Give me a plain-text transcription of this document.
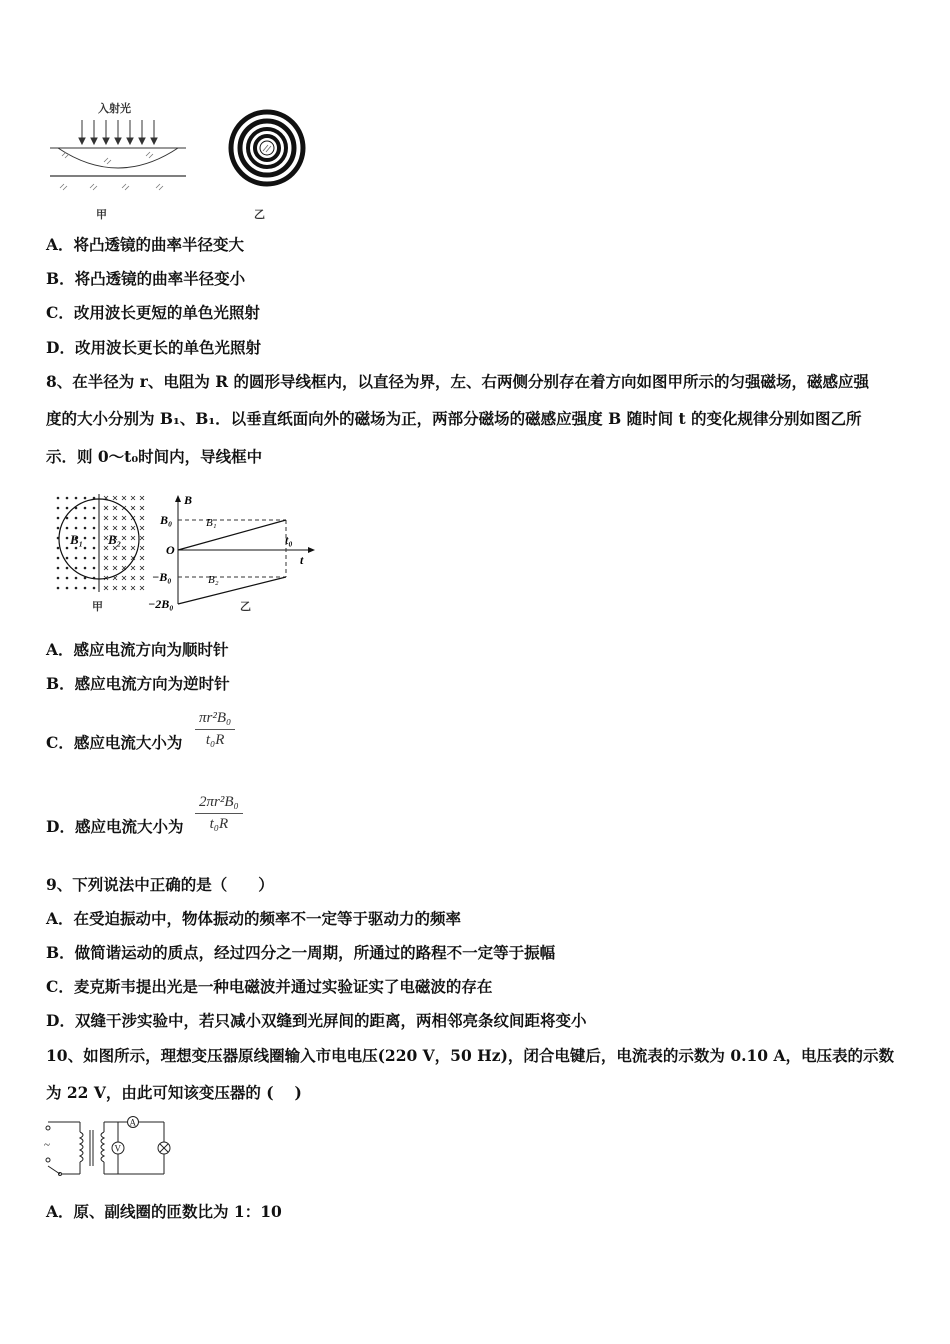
入射光
甲	乙
A．将凸透镜的曲率半径变大
B．将凸透镜的曲率半径变小
C．改用波长更短的单色光照射
D．改用波长更长的单色光照射
8、在半径为 r、电阻为 R 的圆形导线框内，以直径为界，左、右两侧分别存在着方向如图甲所示的匀强磁场，磁感应强
度的大小分别为 B₁、B₁．以垂直纸面向外的磁场为正，两部分磁场的磁感应强度 B 随时间 t 的变化规律分别如图乙所
示．则 0～t₀时间内，导线框中
B₁ B₂
甲
B
t
O
B₀
−B₀
−2B₀
t₀
B₁
B₂
乙
A．感应电流方向为顺时针
B．感应电流方向为逆时针
C．感应电流大小为
πr²B₀
t₀R
D．感应电流大小为
2πr²B₀
t₀R
9、下列说法中正确的是（　　）
A．在受迫振动中，物体振动的频率不一定等于驱动力的频率
B．做简谐运动的质点，经过四分之一周期，所通过的路程不一定等于振幅
C．麦克斯韦提出光是一种电磁波并通过实验证实了电磁波的存在
D．双缝干涉实验中，若只减小双缝到光屏间的距离，两相邻亮条纹间距将变小
10、如图所示，理想变压器原线圈输入市电电压(220 V，50 Hz)，闭合电键后，电流表的示数为 0.10 A，电压表的示数
为 22 V，由此可知该变压器的 (　 )
~
A
V
A．原、副线圈的匝数比为 1：10
